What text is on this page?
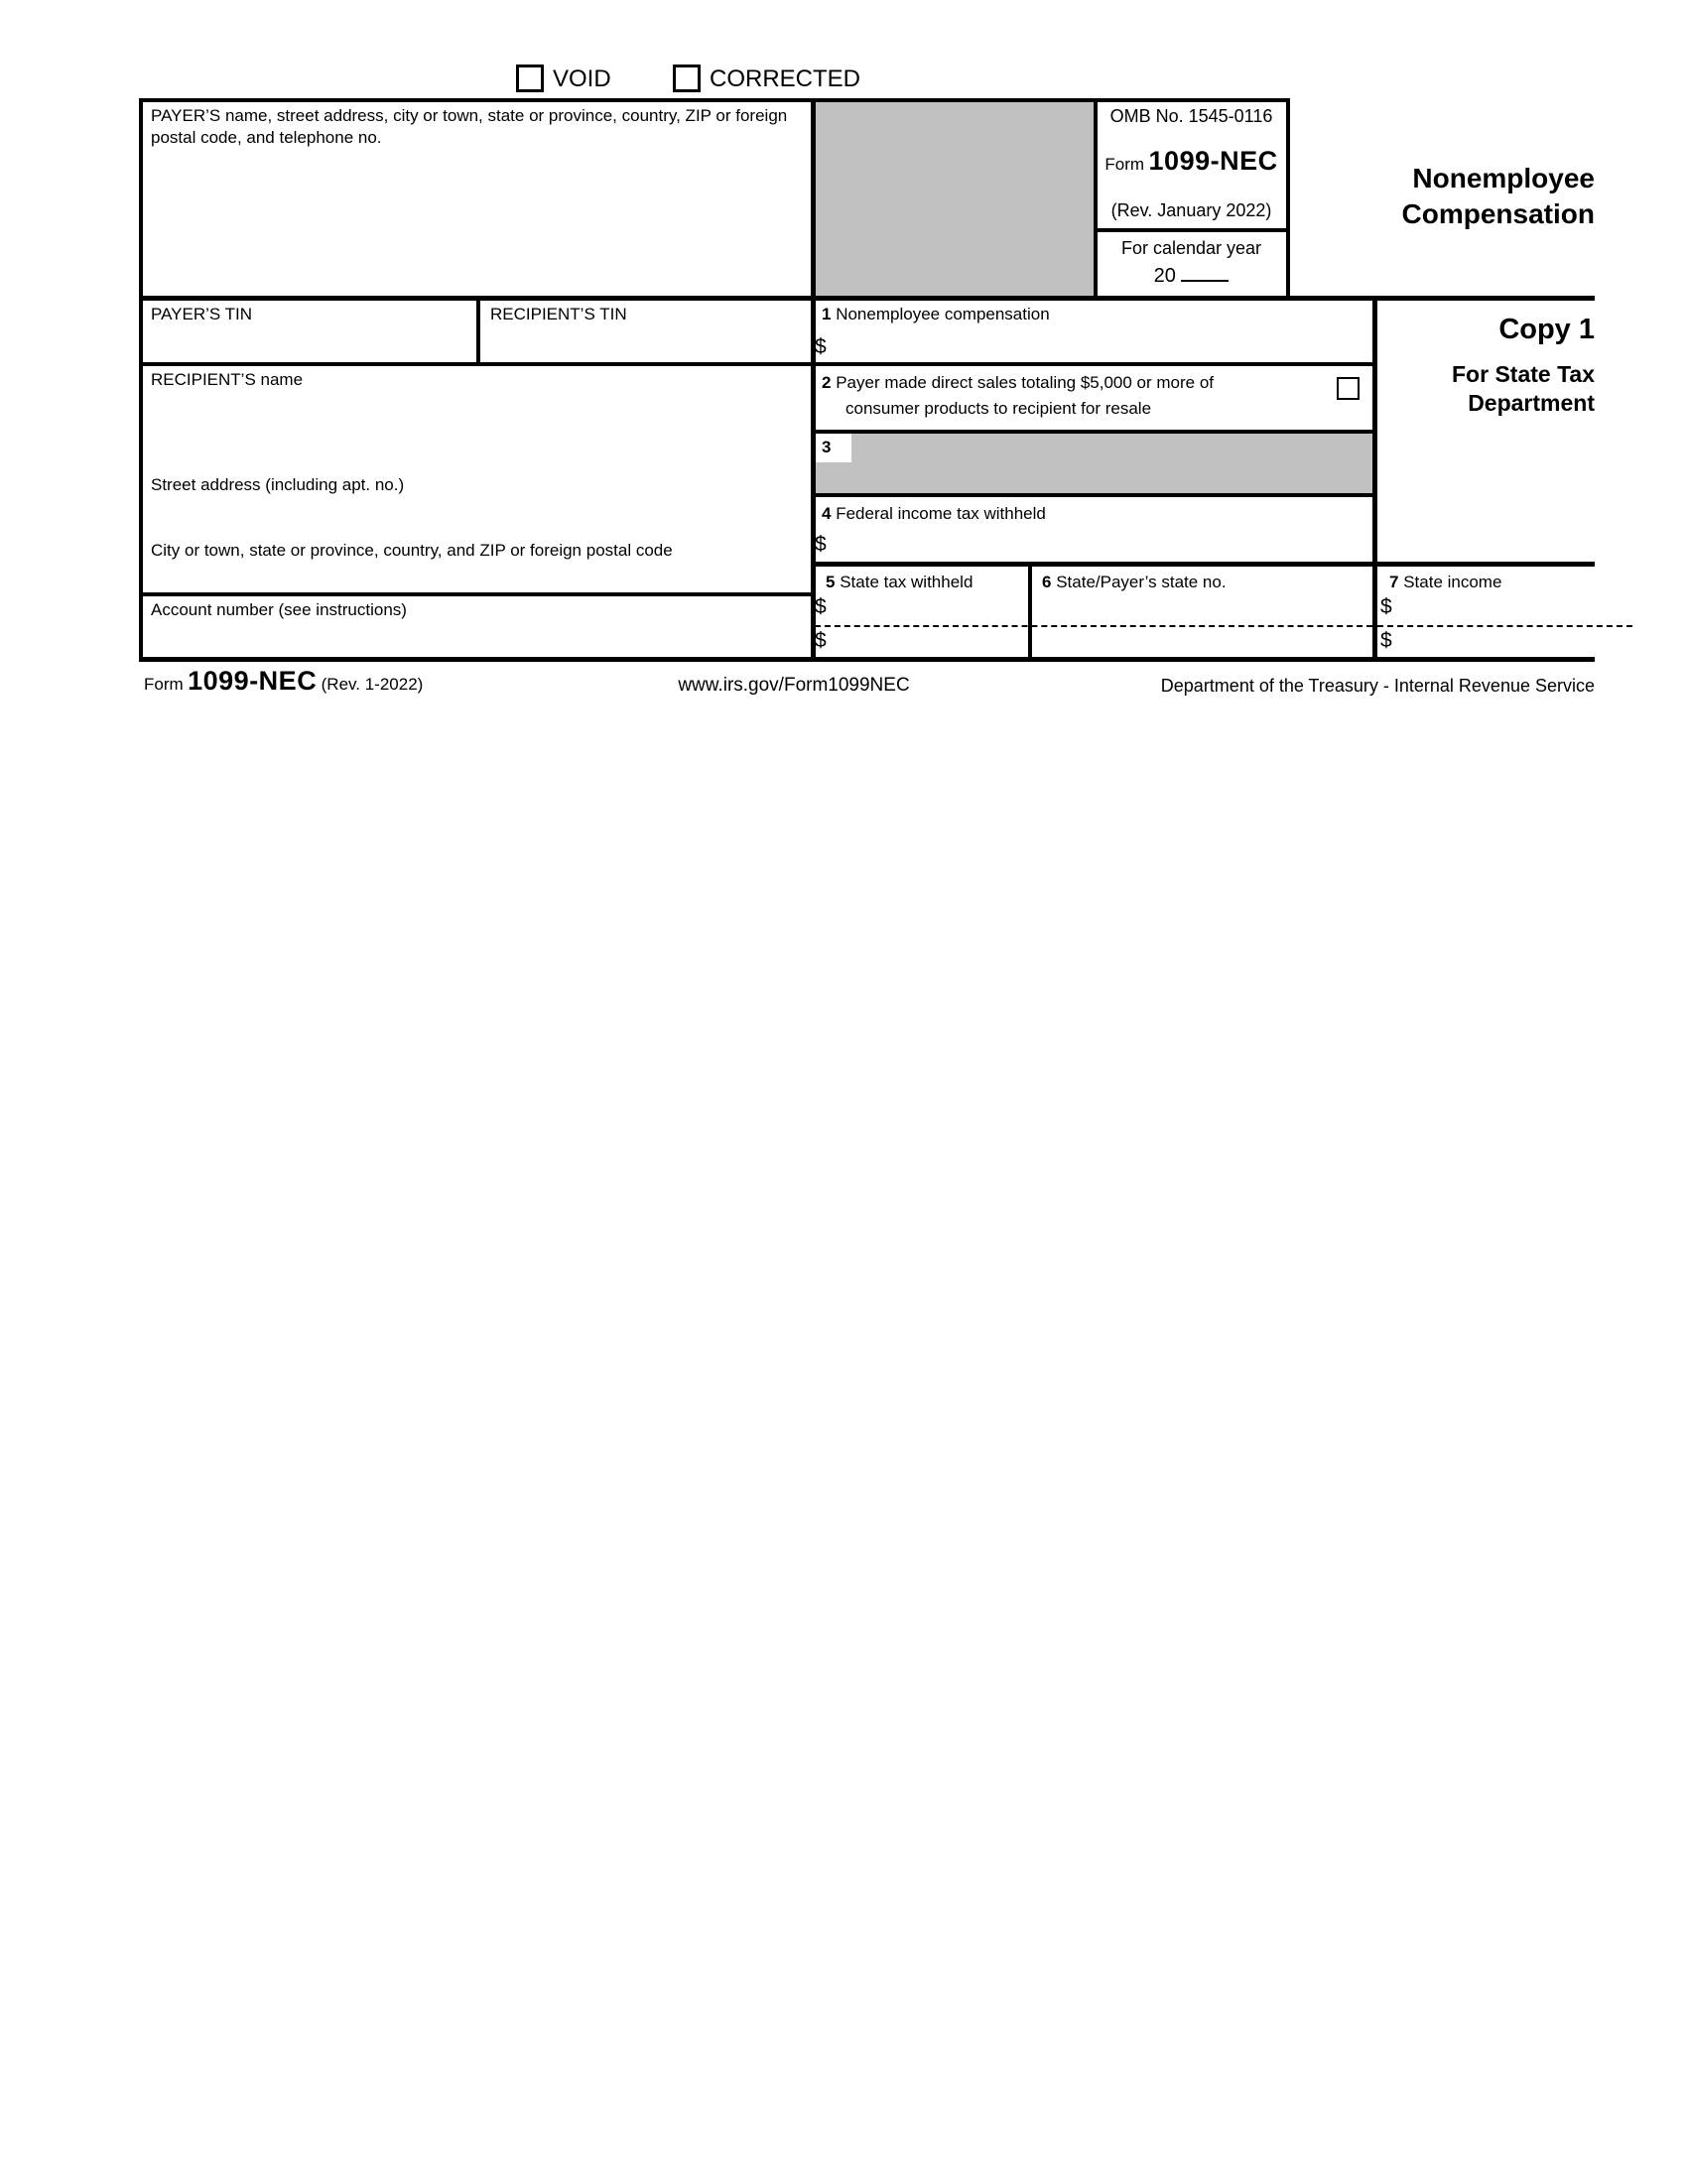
VOID	CORRECTED
PAYER’S name, street address, city or town, state or province, country, ZIP or foreign postal code, and telephone no.
OMB No. 1545-0116
Form 1099-NEC
(Rev. January 2022)
For calendar year
20
Nonemployee
Compensation
Copy 1
For State Tax
Department
PAYER’S TIN	RECIPIENT’S TIN	1 Nonemployee compensation
$
2 Payer made direct sales totaling $5,000 or more of
consumer products to recipient for resale
3
4 Federal income tax withheld
$
RECIPIENT’S name
Street address (including apt. no.)
City or town, state or province, country, and ZIP or foreign postal code
Account number (see instructions)
5 State tax withheld
$
$
6 State/Payer’s state no.	7 State income
$
$
Form 1099-NEC (Rev. 1-2022)	www.irs.gov/Form1099NEC	Department of the Treasury - Internal Revenue Service
